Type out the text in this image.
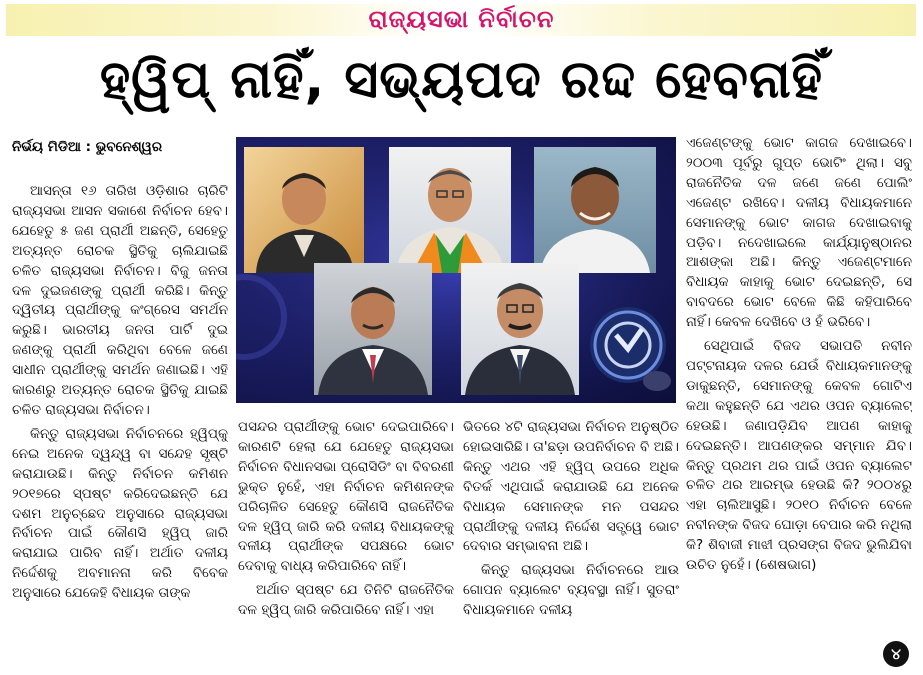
ରାଜ୍ୟସଭା ନିର୍ବାଚନ
ହ୍ୱିପ୍ ନାହିଁ, ସଭ୍ୟପଦ ରଦ୍ଦ ହେବନାହିଁ
ନିର୍ଭୟ ମିଡିଆ : ଭୁବନେଶ୍ୱର

ଆସନ୍ତା ୧୬ ତାରିଖ ଓଡ଼ିଶାର ଚାରିଟି ରାଜ୍ୟସଭା ଆସନ ସକାଶେ ନିର୍ବାଚନ ହେବ। ଯେହେତୁ ୫ ଜଣ ପ୍ରାର୍ଥୀ ଅଛନ୍ତି, ସେହେତୁ ଅତ୍ୟନ୍ତ ରୋଚକ ସ୍ଥିତିକୁ ଚାଲିଯାଇଛି ଚଳିତ ରାଜ୍ୟସଭା ନିର୍ବାଚନ। ବିଜୁ ଜନତା ଦଳ ଦୁଇଜଣଙ୍କୁ ପ୍ରାର୍ଥୀ କରିଛି। କିନ୍ତୁ ଦ୍ୱିତୀୟ ପ୍ରାର୍ଥୀଙ୍କୁ କଂଗ୍ରେସ ସମର୍ଥନ କରୁଛି। ଭାରତୀୟ ଜନତା ପାର୍ଟି ଦୁଇ ଜଣଙ୍କୁ ପ୍ରାର୍ଥୀ କରିଥିବା ବେଳେ ଜଣେ ସାଧୀନ ପ୍ରାର୍ଥୀଙ୍କୁ ସମର୍ଥନ ଜଣାଇଛି। ଏହି କାରଣରୁ ଅତ୍ୟନ୍ତ ରୋଚକ ସ୍ଥିତିକୁ ଯାଇଛି ଚଳିତ ରାଜ୍ୟସଭା ନିର୍ବାଚନ।

କିନ୍ତୁ ରାଜ୍ୟସଭା ନିର୍ବାଚନରେ ହ୍ୱିପ୍‌କୁ ନେଇ ଅନେକ ଦ୍ୱନ୍ଦ୍ୱ ବା ସନ୍ଦେହ ସୃଷ୍ଟି କରାଯାଉଛି। କିନ୍ତୁ ନିର୍ବାଚନ କମିଶନ ୨୦୧୭ରେ ସ୍ପଷ୍ଟ କରିଦେଇଛନ୍ତି ଯେ ଦଶମ ଅନୁଚ୍ଛେଦ ଅନୁସାରେ ରାଜ୍ୟସଭା ନିର୍ବାଚନ ପାଇଁ କୌଣସି ହ୍ୱିପ୍ ଜାରି କରାଯାଇ ପାରିବ ନାହିଁ। ଅର୍ଥାତ ଦଳୀୟ ନିର୍ଦ୍ଦେଶକୁ ଅବମାନନା କରି ବିବେକ ଅନୁସାରେ ଯେକେହି ବିଧାୟକ ତାଙ୍କ

ପସନ୍ଦର ପ୍ରାର୍ଥୀଙ୍କୁ ଭୋଟ ଦେଇପାରିବେ। କାରଣଟି ହେଲା ଯେ ଯେହେତୁ ରାଜ୍ୟସଭା ନିର୍ବାଚନ ବିଧାନସଭା ପ୍ରୋସିଡିଂ ବା ବିବରଣୀ ଭୁକ୍ତ ନୁହେଁ, ଏହା ନିର୍ବାଚନ କମିଶନଙ୍କ ପରିଚାଳିତ ସେହେତୁ କୌଣସି ରାଜନୈତିକ ଦଳ ହ୍ୱିପ୍ ଜାରି କରି ଦଳୀୟ ବିଧାୟକଙ୍କୁ ଦଳୀୟ ପ୍ରାର୍ଥୀଙ୍କ ସପକ୍ଷରେ ଭୋଟ ଦେବାକୁ ବାଧ୍ୟ କରିପାରିବେ ନାହିଁ।

ଅର୍ଥାତ ସ୍ପଷ୍ଟ ଯେ ତିନିଟି ରାଜନୈତିକ ଦଳ ହ୍ୱିପ୍ ଜାରି କରିପାରିବେ ନାହିଁ। ଏହା

ଭିତରେ ୪ଟି ରାଜ୍ୟସଭା ନିର୍ବାଚନ ଅନୁଷ୍ଠିତ ହୋଇସାରିଛି। ତା'ଛଡ଼ା ଉପନିର୍ବାଚନ ବି ଅଛି। କିନ୍ତୁ ଏଥର ଏହି ହ୍ୱିପ୍ ଉପରେ ଅଧିକ ବିତର୍କ ଏଥିପାଇଁ କରାଯାଉଛି ଯେ ଅନେକ ବିଧାୟକ ସେମାନଙ୍କ ମନ ପସନ୍ଦର ପ୍ରାର୍ଥୀଙ୍କୁ ଦଳୀୟ ନିର୍ଦ୍ଦେଶ ସତ୍ତ୍ୱେ ଭୋଟ ଦେବାର ସମ୍ଭାବନା ଅଛି।

କିନ୍ତୁ ରାଜ୍ୟସଭା ନିର୍ବାଚନରେ ଆଉ ଗୋପନ ବ୍ୟାଲେଟ ବ୍ୟବସ୍ଥା ନାହିଁ। ସୁତରାଂ ବିଧାୟକମାନେ ଦଳୀୟ

ଏଜେଣ୍ଟଙ୍କୁ ଭୋଟ କାଗଜ ଦେଖାଇବେ। ୨୦୦୩ ପୂର୍ବରୁ ଗୁପ୍ତ ଭୋଟିଂ ଥିଲା। ସବୁ ରାଜନୈତିକ ଦଳ ଜଣେ ଜଣେ ପୋଲିଂ ଏଜେଣ୍ଟ ରଖିବେ। ଦଳୀୟ ବିଧାୟକମାନେ ସେମାନଙ୍କୁ ଭୋଟ କାଗଜ ଦେଖାଇବାକୁ ପଡ଼ିବ। ନଦେଖାଇଲେ କାର୍ଯ୍ୟାନୁଷ୍ଠାନର ଆଶଙ୍କା ଅଛି। କିନ୍ତୁ ଏଜେଣ୍ଟମାନେ ବିଧାୟକ କାହାକୁ ଭୋଟ ଦେଇଛନ୍ତି, ସେ ବାବଦରେ ଭୋଟ ବେଳେ କିଛି କହିପାରିବେ ନାହିଁ। କେବଳ ଦେଖିବେ ଓ ହଁ ଭରିବେ।

ସେଥିପାଇଁ ବିଜଦ ସଭାପତି ନବୀନ ପଟ୍ଟନାୟକ ଦଳର ଯେଉଁ ବିଧାୟକମାନଙ୍କୁ ଡାକୁଛନ୍ତି, ସେମାନଙ୍କୁ କେବଳ ଗୋଟିଏ କଥା କହୁଛନ୍ତି ଯେ ଏଥର ଓପନ ବ୍ୟାଲେଟ୍ ହେଉଛି। ଜଣାପଡ଼ିଯିବ ଆପଣ କାହାକୁ ଦେଇଛନ୍ତି। ଆପଣଙ୍କର ସମ୍ମାନ ଯିବ। କିନ୍ତୁ ପ୍ରଥମ ଥର ପାଇଁ ଓପନ ବ୍ୟାଲେଟ ଚଳିତ ଥର ଆରମ୍ଭ ହେଉଛି କି? ୨୦୦୪ରୁ ଏହା ଚାଲିଆସୁଛି। ୨୦୧୦ ନିର୍ବାଚନ ବେଳେ ନବୀନଙ୍କ ବିଜଦ ଘୋଡ଼ା ବେପାର କରି ନଥିଲା କି? ଶିବାଜୀ ମାଝୀ ପ୍ରସଙ୍ଗ ବିଜଦ ଭୁଲିଯିବା ଉଚିତ ନୁହେଁ। (ଶେଷଭାଗ)

୪
